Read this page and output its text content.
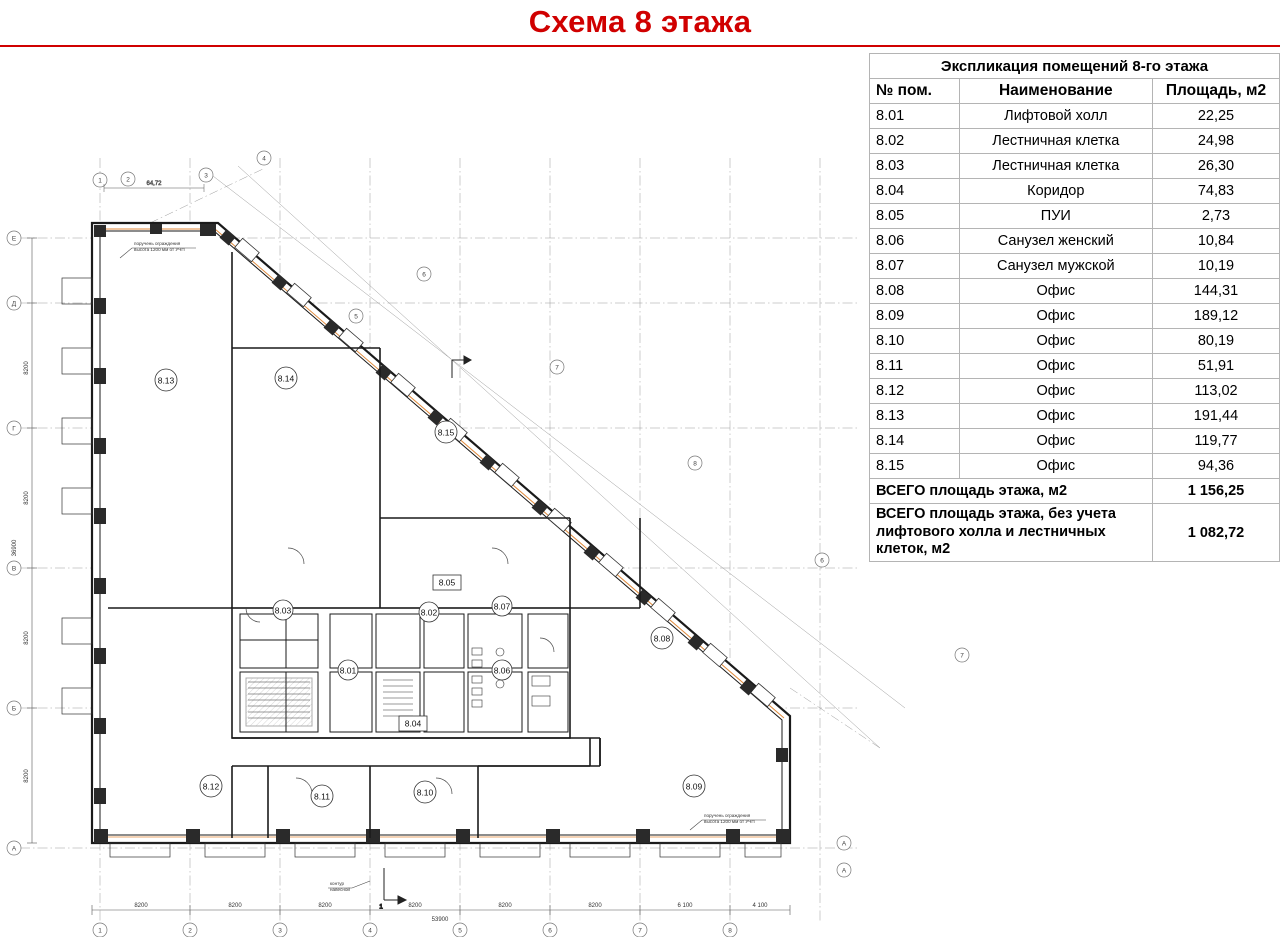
Схема 8 этажа
8.13	8.14
8.15
8.03	8.02
8.05
8.07
8.06
8.01
8.04
8.08
8.09
8.10
8.11
8.12
поручень ограждения
высота 1200 мм от УЧП
поручень ограждения
высота 1200 мм от УЧП
контур
навесной
1
1	2	3	4	5	6	7	8
A
Б
В
Г
Д
Е
1	2
3
4
5
6
7
8
6
7
А
А
8200	8200	8200	8200	8200	8200	6 100	4 100
53900
8200
8200
8200
8200
36900
64,72
Экспликация помещений 8-го этажа		
№ пом.	Наименование	Площадь, м2
8.01	Лифтовой холл	22,25
8.02	Лестничная клетка	24,98
8.03	Лестничная клетка	26,30
8.04	Коридор	74,83
8.05	ПУИ	2,73
8.06	Санузел женский	10,84
8.07	Санузел мужской	10,19
8.08	Офис	144,31
8.09	Офис	189,12
8.10	Офис	80,19
8.11	Офис	51,91
8.12	Офис	113,02
8.13	Офис	191,44
8.14	Офис	119,77
8.15	Офис	94,36
ВСЕГО площадь этажа, м2		1 156,25
ВСЕГО площадь этажа, без учета лифтового холла и лестничных клеток, м2		1 082,72
